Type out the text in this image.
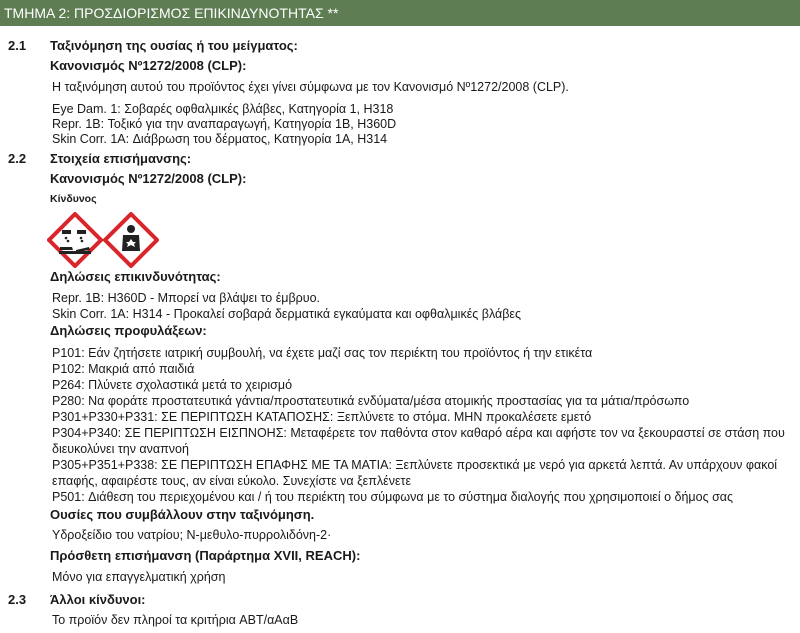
ΤΜΗΜΑ 2: ΠΡΟΣΔΙΟΡΙΣΜΟΣ ΕΠΙΚΙΝΔΥΝΟΤΗΤΑΣ **
2.1 Ταξινόμηση της ουσίας ή του μείγματος:
Κανονισμός Nº1272/2008 (CLP):
Η ταξινόμηση αυτού του προϊόντος έχει γίνει σύμφωνα με τον Κανονισμό Nº1272/2008 (CLP).
Eye Dam. 1: Σοβαρές οφθαλμικές βλάβες, Κατηγορία 1, H318
Repr. 1B: Τοξικό για την αναπαραγωγή, Κατηγορία 1B, H360D
Skin Corr. 1A: Διάβρωση του δέρματος, Κατηγορία 1A, H314
2.2 Στοιχεία επισήμανσης:
Κανονισμός Nº1272/2008 (CLP):
Κίνδυνος
Δηλώσεις επικινδυνότητας:
Repr. 1B: H360D - Μπορεί να βλάψει το έμβρυο.
Skin Corr. 1A: H314 - Προκαλεί σοβαρά δερματικά εγκαύματα και οφθαλμικές βλάβες
Δηλώσεις προφυλάξεων:
P101: Εάν ζητήσετε ιατρική συμβουλή, να έχετε μαζί σας τον περιέκτη του προϊόντος ή την ετικέτα
P102: Μακριά από παιδιά
P264: Πλύνετε σχολαστικά μετά το χειρισμό
P280: Να φοράτε προστατευτικά γάντια/προστατευτικά ενδύματα/μέσα ατομικής προστασίας για τα μάτια/πρόσωπο
P301+P330+P331: ΣΕ ΠΕΡΙΠΤΩΣΗ ΚΑΤΑΠΟΣΗΣ: Ξεπλύνετε το στόμα. ΜΗΝ προκαλέσετε εμετό
P304+P340: ΣΕ ΠΕΡΙΠΤΩΣΗ ΕΙΣΠΝΟΗΣ: Μεταφέρετε τον παθόντα στον καθαρό αέρα και αφήστε τον να ξεκουραστεί σε στάση που
διευκολύνει την αναπνοή
P305+P351+P338: ΣΕ ΠΕΡΙΠΤΩΣΗ ΕΠΑΦΗΣ ΜΕ ΤΑ ΜΑΤΙΑ: Ξεπλύνετε προσεκτικά με νερό για αρκετά λεπτά. Αν υπάρχουν φακοί
επαφής, αφαιρέστε τους, αν είναι εύκολο. Συνεχίστε να ξεπλένετε
P501: Διάθεση του περιεχομένου και / ή του περιέκτη του σύμφωνα με το σύστημα διαλογής που χρησιμοποιεί ο δήμος σας
Ουσίες που συμβάλλουν στην ταξινόμηση.
Υδροξείδιο του νατρίου; N-μεθυλο-πυρρολιδόνη-2·
Πρόσθετη επισήμανση (Παράρτημα XVII, REACH):
Μόνο για επαγγελματική χρήση
2.3 Άλλοι κίνδυνοι:
Το προϊόν δεν πληροί τα κριτήρια ABT/αΑαΒ
